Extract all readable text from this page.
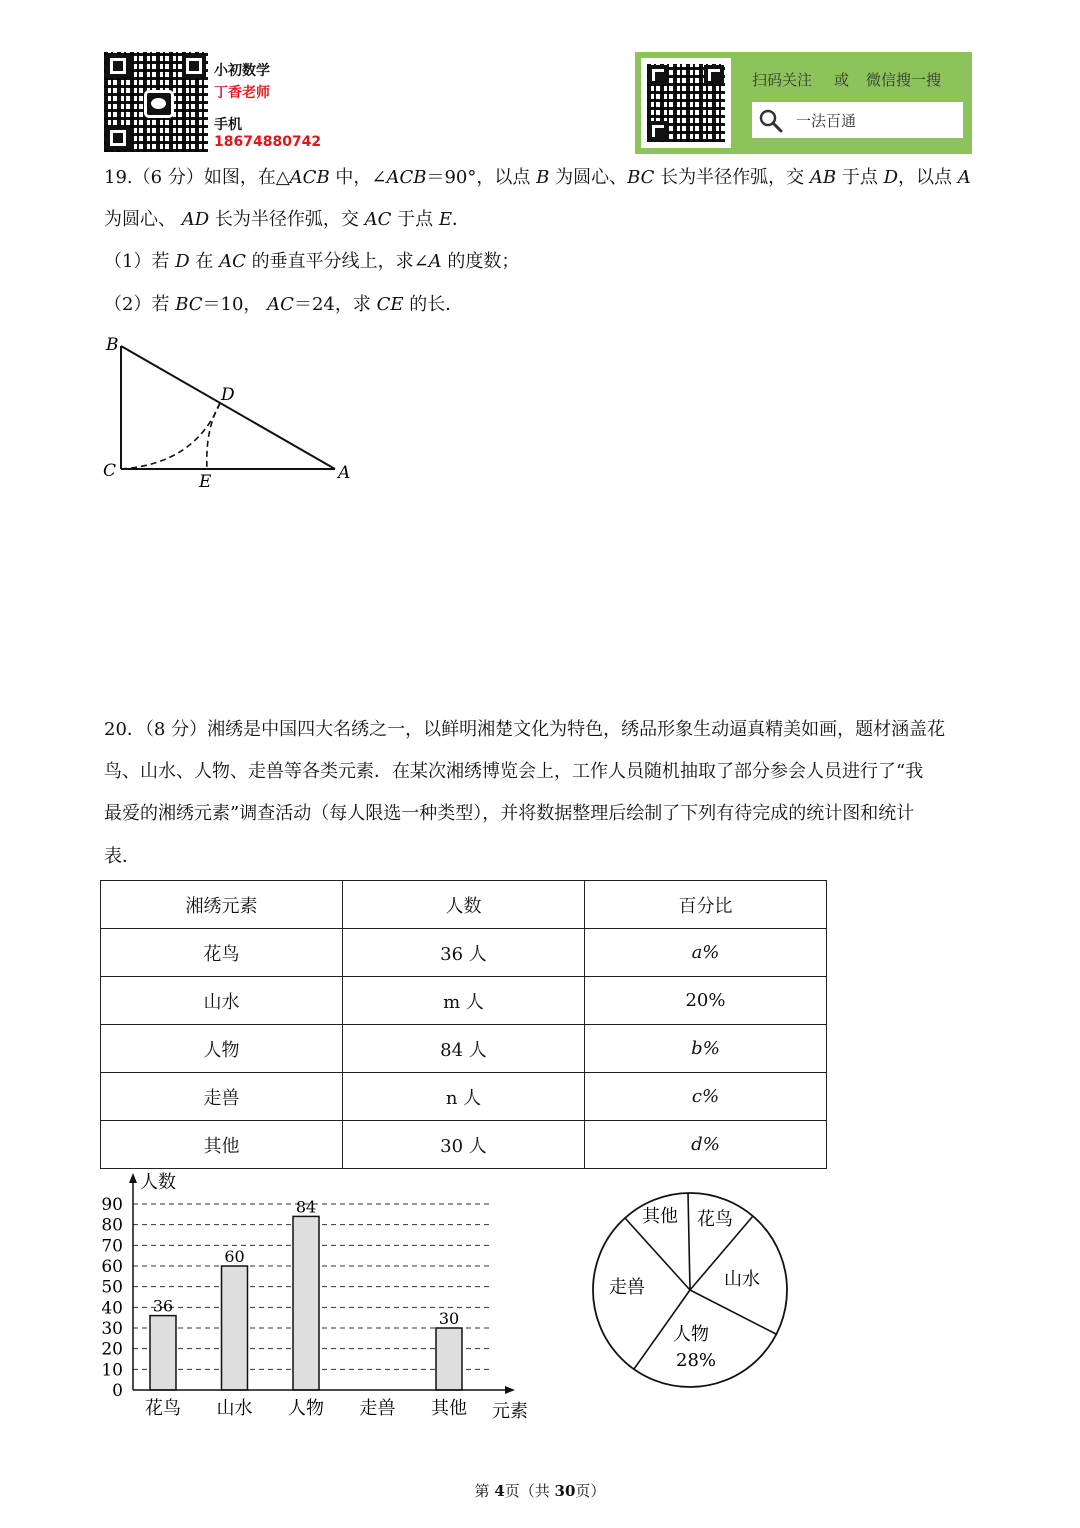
小初数学
丁香老师
手机
18674880742
扫码关注 或 微信搜一搜
一法百通
19.（6 分）如图，在△ACB 中，∠ACB＝90°，以点 B 为圆心、BC 长为半径作弧，交 AB 于点 D，以点 A
为圆心、 AD 长为半径作弧，交 AC 于点 E．
（1）若 D 在 AC 的垂直平分线上，求∠A 的度数；
（2）若 BC＝10， AC＝24，求 CE 的长．
B
C
D
E	A
20．（8 分）湘绣是中国四大名绣之一，以鲜明湘楚文化为特色，绣品形象生动逼真精美如画，题材涵盖花
鸟、山水、人物、走兽等各类元素．在某次湘绣博览会上，工作人员随机抽取了部分参会人员进行了“我
最爱的湘绣元素”调查活动（每人限选一种类型），并将数据整理后绘制了下列有待完成的统计图和统计
表．
湘绣元素	人数	百分比
花鸟	36 人	a%
山水	m 人	20%
人物	84 人	b%
走兽	n 人	c%
其他	30 人	d%
36
60
84
30
0
10
20
30
40
50
60
70
80
90
花鸟 山水 人物 走兽 其他
人数
元素
其他 花鸟
山水
人物
28%
走兽
第 4页（共 30页）
